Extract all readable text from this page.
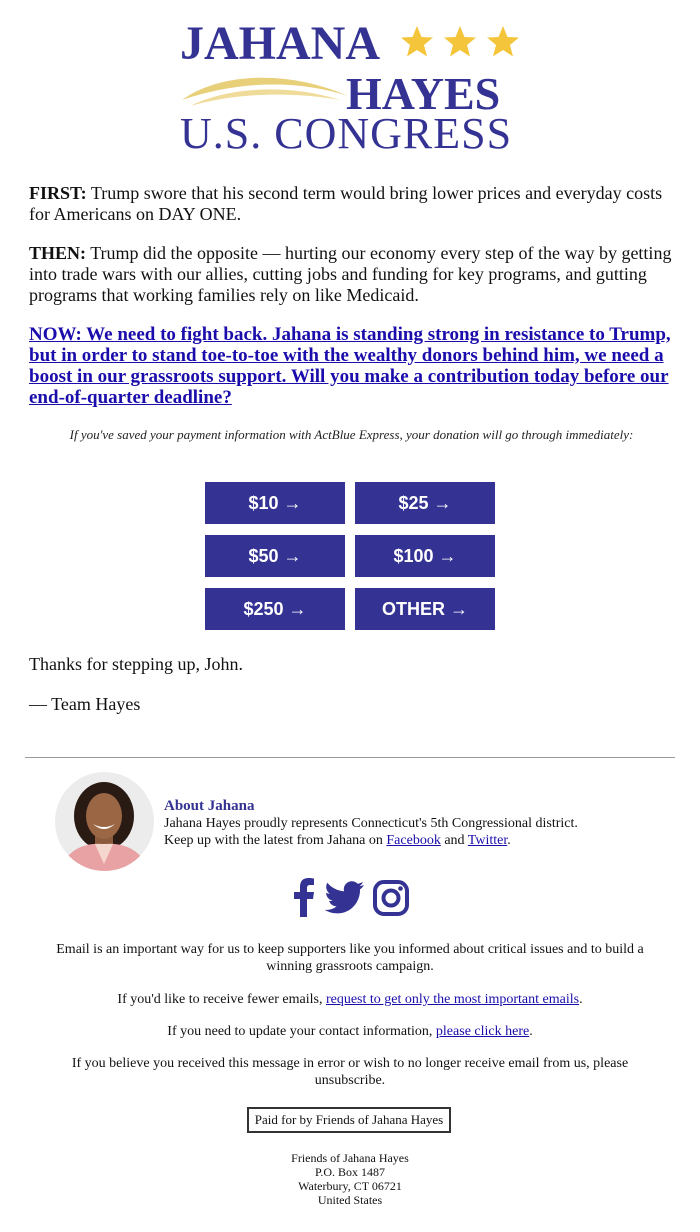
JAHANA
HAYES
U.S. CONGRESS

FIRST: Trump swore that his second term would bring lower prices and everyday costs for Americans on DAY ONE.

THEN: Trump did the opposite — hurting our economy every step of the way by getting into trade wars with our allies, cutting jobs and funding for key programs, and gutting programs that working families rely on like Medicaid.

NOW: We need to fight back. Jahana is standing strong in resistance to Trump, but in order to stand toe-to-toe with the wealthy donors behind him, we need a boost in our grassroots support. Will you make a contribution today before our end-of-quarter deadline?

If you've saved your payment information with ActBlue Express, your donation will go through immediately:

$10 →	$25 →
$50 →	$100 →
$250 →	OTHER →

Thanks for stepping up, John.

— Team Hayes

About Jahana
Jahana Hayes proudly represents Connecticut's 5th Congressional district.
Keep up with the latest from Jahana on Facebook and Twitter.
Email is an important way for us to keep supporters like you informed about critical issues and to build a winning grassroots campaign.
If you'd like to receive fewer emails, request to get only the most important emails.
If you need to update your contact information, please click here.
If you believe you received this message in error or wish to no longer receive email from us, please unsubscribe.
Paid for by Friends of Jahana Hayes
Friends of Jahana Hayes
P.O. Box 1487
Waterbury, CT 06721
United States
